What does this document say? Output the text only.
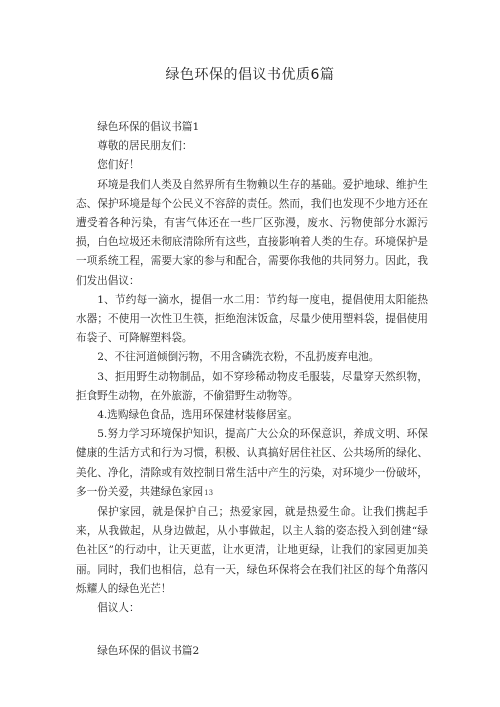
绿色环保的倡议书优质6篇

绿色环保的倡议书篇1

尊敬的居民朋友们：

您们好！

环境是我们人类及自然界所有生物赖以生存的基础。爱护地球、维护生态、保护环境是每个公民义不容辞的责任。然而，我们也发现不少地方还在遭受着各种污染，有害气体还在一些厂区弥漫，废水、污物使部分水源污损，白色垃圾还未彻底清除所有这些，直接影响着人类的生存。环境保护是一项系统工程，需要大家的参与和配合，需要你我他的共同努力。因此，我们发出倡议：

1、节约每一滴水，提倡一水二用：节约每一度电，提倡使用太阳能热水器；不使用一次性卫生筷，拒绝泡沫饭盒，尽量少使用塑料袋，提倡使用布袋子、可降解塑料袋。

2、不往河道倾倒污物，不用含磷洗衣粉，不乱扔废弃电池。

3、拒用野生动物制品，如不穿珍稀动物皮毛服装，尽量穿天然织物，拒食野生动物，在外旅游，不偷猎野生动物等。

4.选购绿色食品，选用环保建材装修居室。

5.努力学习环境保护知识，提高广大公众的环保意识，养成文明、环保健康的生活方式和行为习惯，积极、认真搞好居住社区、公共场所的绿化、美化、净化，清除或有效控制日常生活中产生的污染，对环境少一份破坏，多一份关爱，共建绿色家园13

保护家园，就是保护自己；热爱家园，就是热爱生命。让我们携起手来，从我做起，从身边做起，从小事做起，以主人翁的姿态投入到创建“绿色社区”的行动中，让天更蓝，让水更清，让地更绿，让我们的家园更加美丽。同时，我们也相信，总有一天，绿色环保将会在我们社区的每个角落闪烁耀人的绿色光芒！

倡议人：

绿色环保的倡议书篇2
